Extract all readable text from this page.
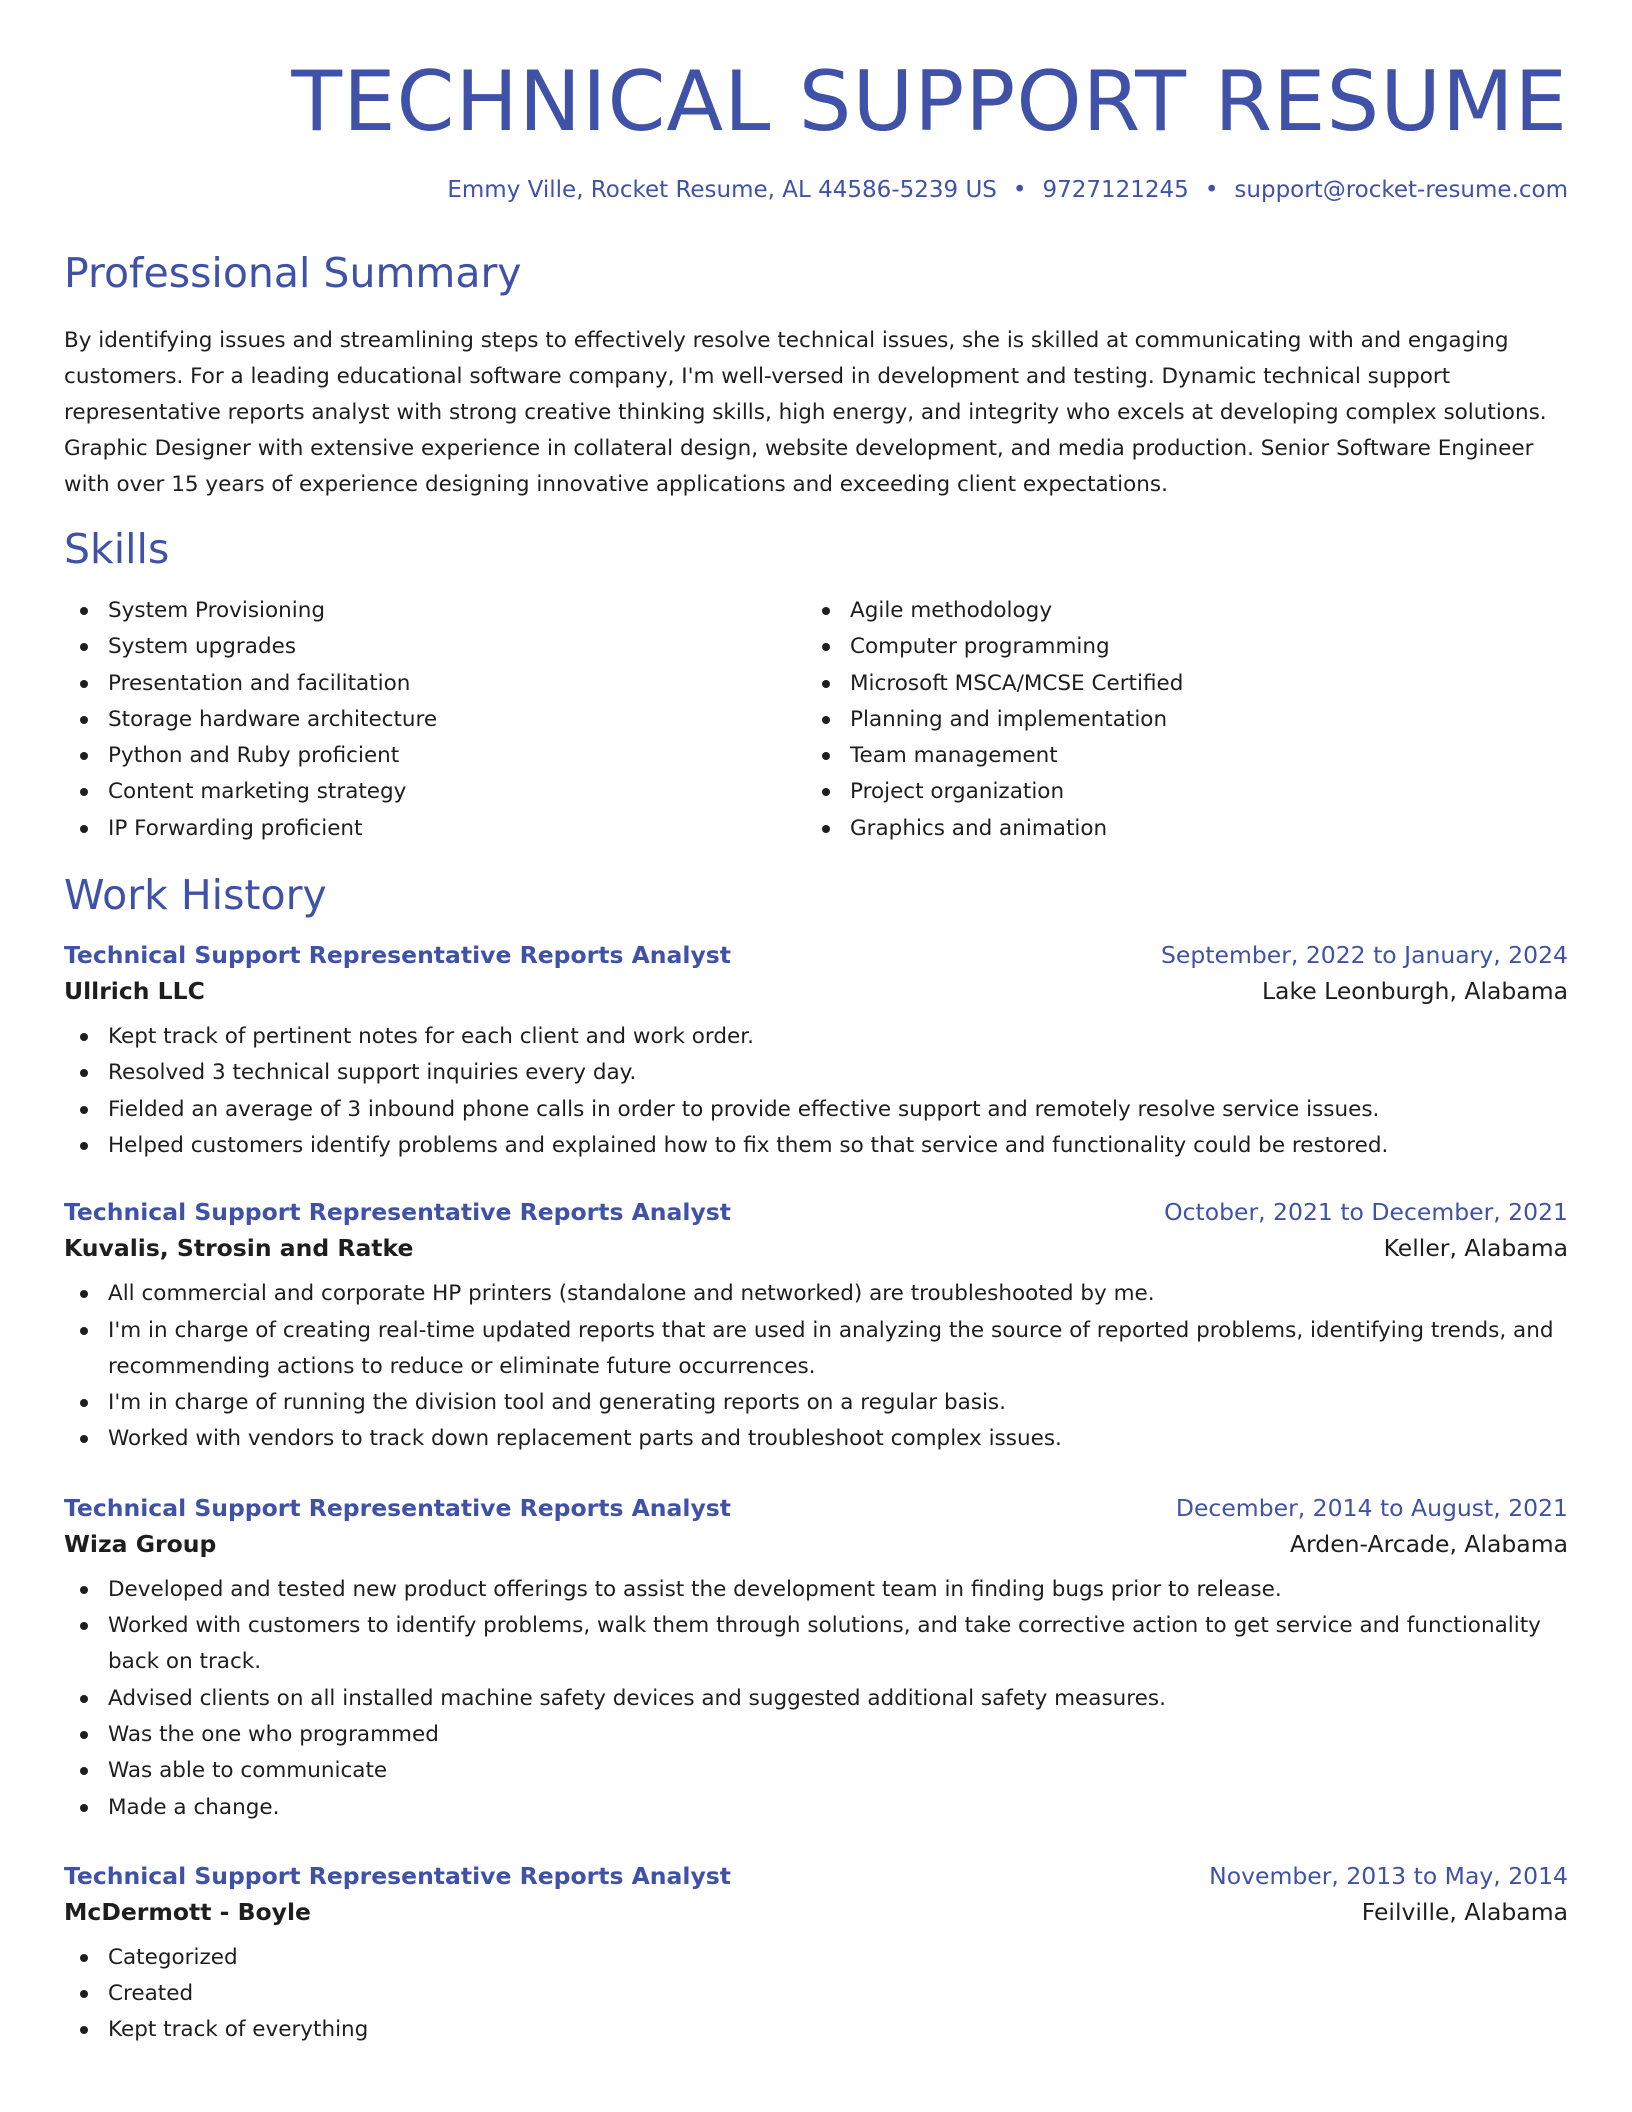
TECHNICAL SUPPORT RESUME
Emmy Ville, Rocket Resume, AL 44586-5239 US • 9727121245 • support@rocket-resume.com
Professional Summary

By identifying issues and streamlining steps to effectively resolve technical issues, she is skilled at communicating with and engaging customers. For a leading educational software company, I'm well-versed in development and testing. Dynamic technical support representative reports analyst with strong creative thinking skills, high energy, and integrity who excels at developing complex solutions. Graphic Designer with extensive experience in collateral design, website development, and media production. Senior Software Engineer with over 15 years of experience designing innovative applications and exceeding client expectations.

Skills
System Provisioning
System upgrades
Presentation and facilitation
Storage hardware architecture
Python and Ruby proficient
Content marketing strategy
IP Forwarding proficient
Agile methodology
Computer programming
Microsoft MSCA/MCSE Certified
Planning and implementation
Team management
Project organization
Graphics and animation
Work History
Technical Support Representative Reports Analyst	September, 2022 to January, 2024
Ullrich LLC	Lake Leonburgh, Alabama
Kept track of pertinent notes for each client and work order.
Resolved 3 technical support inquiries every day.
Fielded an average of 3 inbound phone calls in order to provide effective support and remotely resolve service issues.
Helped customers identify problems and explained how to fix them so that service and functionality could be restored.
Technical Support Representative Reports Analyst	October, 2021 to December, 2021
Kuvalis, Strosin and Ratke	Keller, Alabama
All commercial and corporate HP printers (standalone and networked) are troubleshooted by me.
I'm in charge of creating real-time updated reports that are used in analyzing the source of reported problems, identifying trends, and recommending actions to reduce or eliminate future occurrences.
I'm in charge of running the division tool and generating reports on a regular basis.
Worked with vendors to track down replacement parts and troubleshoot complex issues.
Technical Support Representative Reports Analyst	December, 2014 to August, 2021
Wiza Group	Arden-Arcade, Alabama
Developed and tested new product offerings to assist the development team in finding bugs prior to release.
Worked with customers to identify problems, walk them through solutions, and take corrective action to get service and functionality back on track.
Advised clients on all installed machine safety devices and suggested additional safety measures.
Was the one who programmed
Was able to communicate
Made a change.
Technical Support Representative Reports Analyst	November, 2013 to May, 2014
McDermott - Boyle	Feilville, Alabama
Categorized
Created
Kept track of everything
